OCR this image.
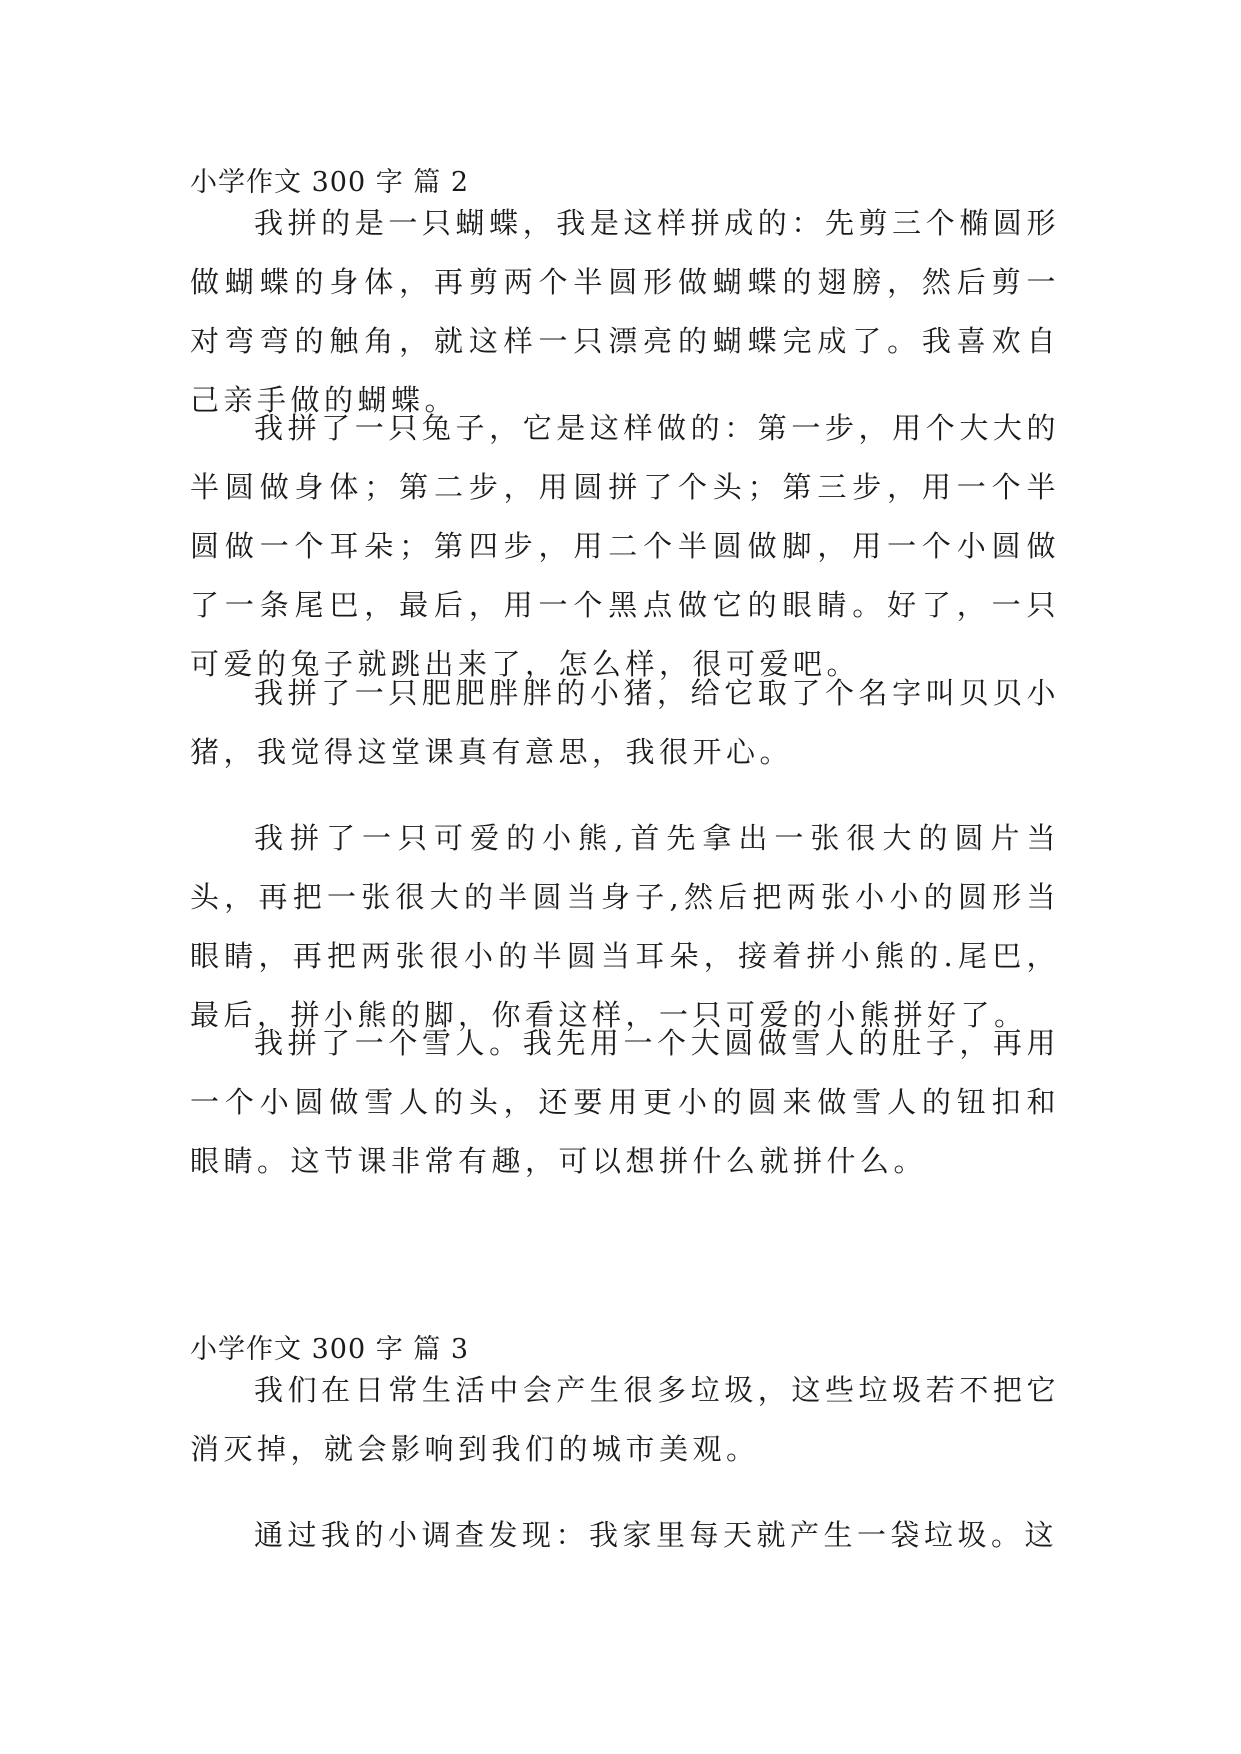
小学作文 300 字 篇 2

我拼的是一只蝴蝶，我是这样拼成的：先剪三个椭圆形做蝴蝶的身体，再剪两个半圆形做蝴蝶的翅膀，然后剪一对弯弯的触角，就这样一只漂亮的蝴蝶完成了。我喜欢自己亲手做的蝴蝶。

我拼了一只兔子，它是这样做的：第一步，用个大大的半圆做身体；第二步，用圆拼了个头；第三步，用一个半圆做一个耳朵；第四步，用二个半圆做脚，用一个小圆做了一条尾巴，最后，用一个黑点做它的眼睛。好了，一只可爱的兔子就跳出来了，怎么样，很可爱吧。

我拼了一只肥肥胖胖的小猪，给它取了个名字叫贝贝小猪，我觉得这堂课真有意思，我很开心。

我拼了一只可爱的小熊,首先拿出一张很大的圆片当头，再把一张很大的半圆当身子,然后把两张小小的圆形当眼睛，再把两张很小的半圆当耳朵，接着拼小熊的.尾巴，最后，拼小熊的脚，你看这样，一只可爱的小熊拼好了。

我拼了一个雪人。我先用一个大圆做雪人的肚子，再用一个小圆做雪人的头，还要用更小的圆来做雪人的钮扣和眼睛。这节课非常有趣，可以想拼什么就拼什么。

小学作文 300 字 篇 3

我们在日常生活中会产生很多垃圾，这些垃圾若不把它消灭掉，就会影响到我们的城市美观。

通过我的小调查发现：我家里每天就产生一袋垃圾。这
